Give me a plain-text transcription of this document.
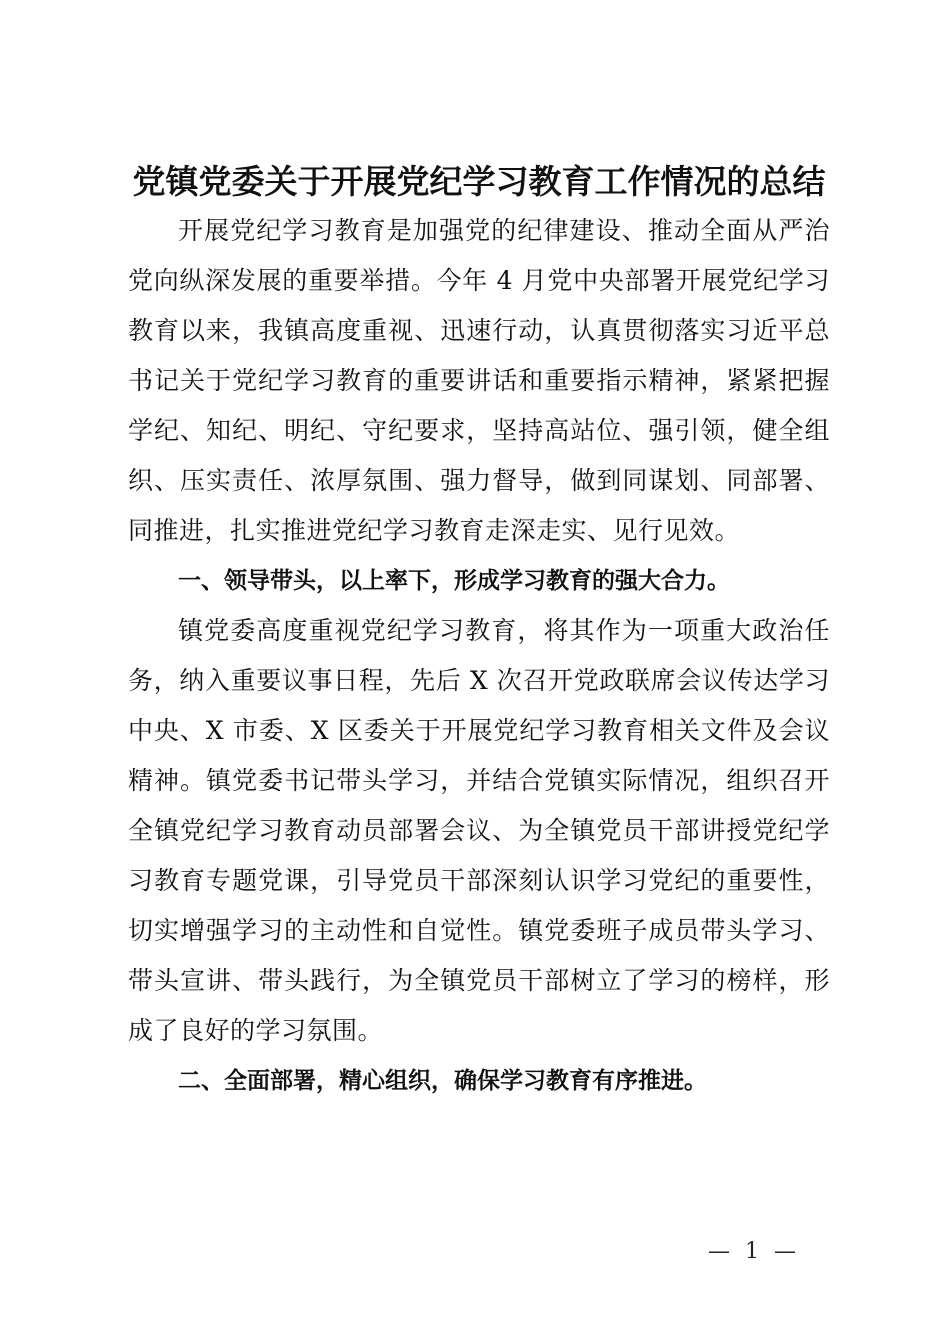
党镇党委关于开展党纪学习教育工作情况的总结

开展党纪学习教育是加强党的纪律建设、推动全面从严治党向纵深发展的重要举措。今年 4 月党中央部署开展党纪学习教育以来，我镇高度重视、迅速行动，认真贯彻落实习近平总书记关于党纪学习教育的重要讲话和重要指示精神，紧紧把握学纪、知纪、明纪、守纪要求，坚持高站位、强引领，健全组织、压实责任、浓厚氛围、强力督导，做到同谋划、同部署、同推进，扎实推进党纪学习教育走深走实、见行见效。

一、领导带头，以上率下，形成学习教育的强大合力。

镇党委高度重视党纪学习教育，将其作为一项重大政治任务，纳入重要议事日程，先后 X 次召开党政联席会议传达学习中央、X 市委、X 区委关于开展党纪学习教育相关文件及会议精神。镇党委书记带头学习，并结合党镇实际情况，组织召开全镇党纪学习教育动员部署会议、为全镇党员干部讲授党纪学习教育专题党课，引导党员干部深刻认识学习党纪的重要性，切实增强学习的主动性和自觉性。镇党委班子成员带头学习、带头宣讲、带头践行，为全镇党员干部树立了学习的榜样，形成了良好的学习氛围。

二、全面部署，精心组织，确保学习教育有序推进。

— 1 —
